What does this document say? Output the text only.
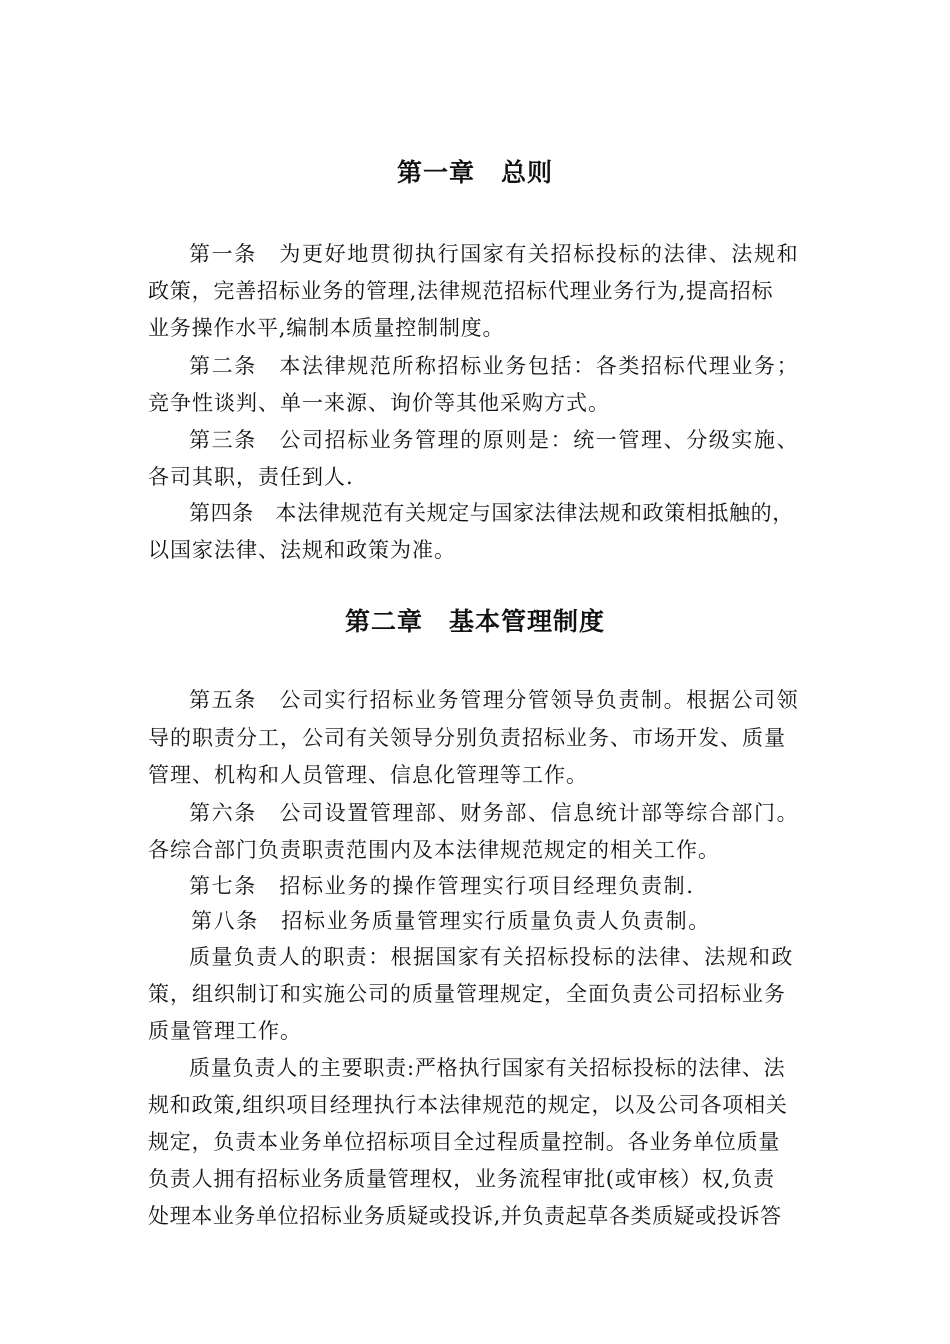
第一章　总则

第一条　为更好地贯彻执行国家有关招标投标的法律、法规和

政策，完善招标业务的管理,法律规范招标代理业务行为,提高招标

业务操作水平,编制本质量控制制度。

第二条　本法律规范所称招标业务包括：各类招标代理业务；

竞争性谈判、单一来源、询价等其他采购方式。

第三条　公司招标业务管理的原则是：统一管理、分级实施、

各司其职，责任到人.

第四条　本法律规范有关规定与国家法律法规和政策相抵触的，

以国家法律、法规和政策为准。

第二章　基本管理制度

第五条　公司实行招标业务管理分管领导负责制。根据公司领

导的职责分工，公司有关领导分别负责招标业务、市场开发、质量

管理、机构和人员管理、信息化管理等工作。

第六条　公司设置管理部、财务部、信息统计部等综合部门。

各综合部门负责职责范围内及本法律规范规定的相关工作。

第七条　招标业务的操作管理实行项目经理负责制.

第八条　招标业务质量管理实行质量负责人负责制。

质量负责人的职责：根据国家有关招标投标的法律、法规和政

策，组织制订和实施公司的质量管理规定，全面负责公司招标业务

质量管理工作。

质量负责人的主要职责:严格执行国家有关招标投标的法律、法

规和政策,组织项目经理执行本法律规范的规定，以及公司各项相关

规定，负责本业务单位招标项目全过程质量控制。各业务单位质量

负责人拥有招标业务质量管理权，业务流程审批(或审核）权,负责

处理本业务单位招标业务质疑或投诉,并负责起草各类质疑或投诉答
